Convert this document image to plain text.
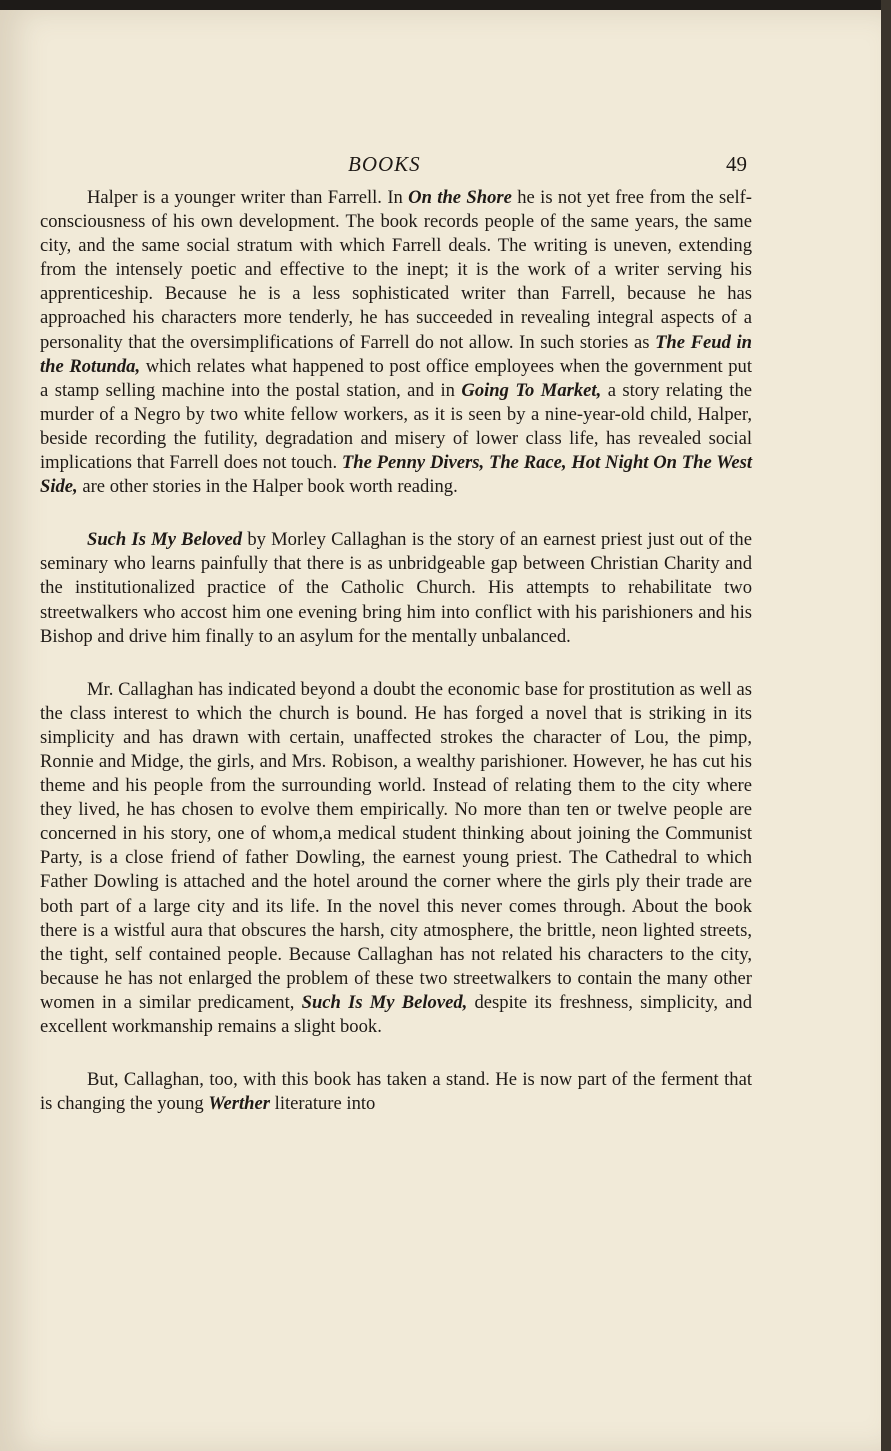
BOOKS	49

Halper is a younger writer than Farrell. In On the Shore he is not yet free from the self-consciousness of his own development. The book records people of the same years, the same city, and the same social stratum with which Farrell deals. The writing is uneven, extending from the intensely poetic and effective to the inept; it is the work of a writer serving his apprenticeship. Because he is a less sophisticated writer than Farrell, because he has approached his characters more tenderly, he has succeeded in revealing integral aspects of a personality that the oversimplifications of Farrell do not allow. In such stories as The Feud in the Rotunda, which relates what happened to post office employees when the government put a stamp selling machine into the postal station, and in Going To Market, a story relating the murder of a Negro by two white fellow workers, as it is seen by a nine-year-old child, Halper, beside recording the futility, degradation and misery of lower class life, has revealed social implications that Farrell does not touch. The Penny Divers, The Race, Hot Night On The West Side, are other stories in the Halper book worth reading.

Such Is My Beloved by Morley Callaghan is the story of an earnest priest just out of the seminary who learns painfully that there is as unbridgeable gap between Christian Charity and the institutionalized practice of the Catholic Church. His attempts to rehabilitate two streetwalkers who accost him one evening bring him into conflict with his parishioners and his Bishop and drive him finally to an asylum for the mentally unbalanced.

Mr. Callaghan has indicated beyond a doubt the economic base for prostitution as well as the class interest to which the church is bound. He has forged a novel that is striking in its simplicity and has drawn with certain, unaffected strokes the character of Lou, the pimp, Ronnie and Midge, the girls, and Mrs. Robison, a wealthy parishioner. However, he has cut his theme and his people from the surrounding world. Instead of relating them to the city where they lived, he has chosen to evolve them empirically. No more than ten or twelve people are concerned in his story, one of whom,a medical student thinking about joining the Communist Party, is a close friend of father Dowling, the earnest young priest. The Cathedral to which Father Dowling is attached and the hotel around the corner where the girls ply their trade are both part of a large city and its life. In the novel this never comes through. About the book there is a wistful aura that obscures the harsh, city atmosphere, the brittle, neon lighted streets, the tight, self contained people. Because Callaghan has not related his characters to the city, because he has not enlarged the problem of these two streetwalkers to contain the many other women in a similar predicament, Such Is My Beloved, despite its freshness, simplicity, and excellent workmanship remains a slight book.

But, Callaghan, too, with this book has taken a stand. He is now part of the ferment that is changing the young Werther literature into
